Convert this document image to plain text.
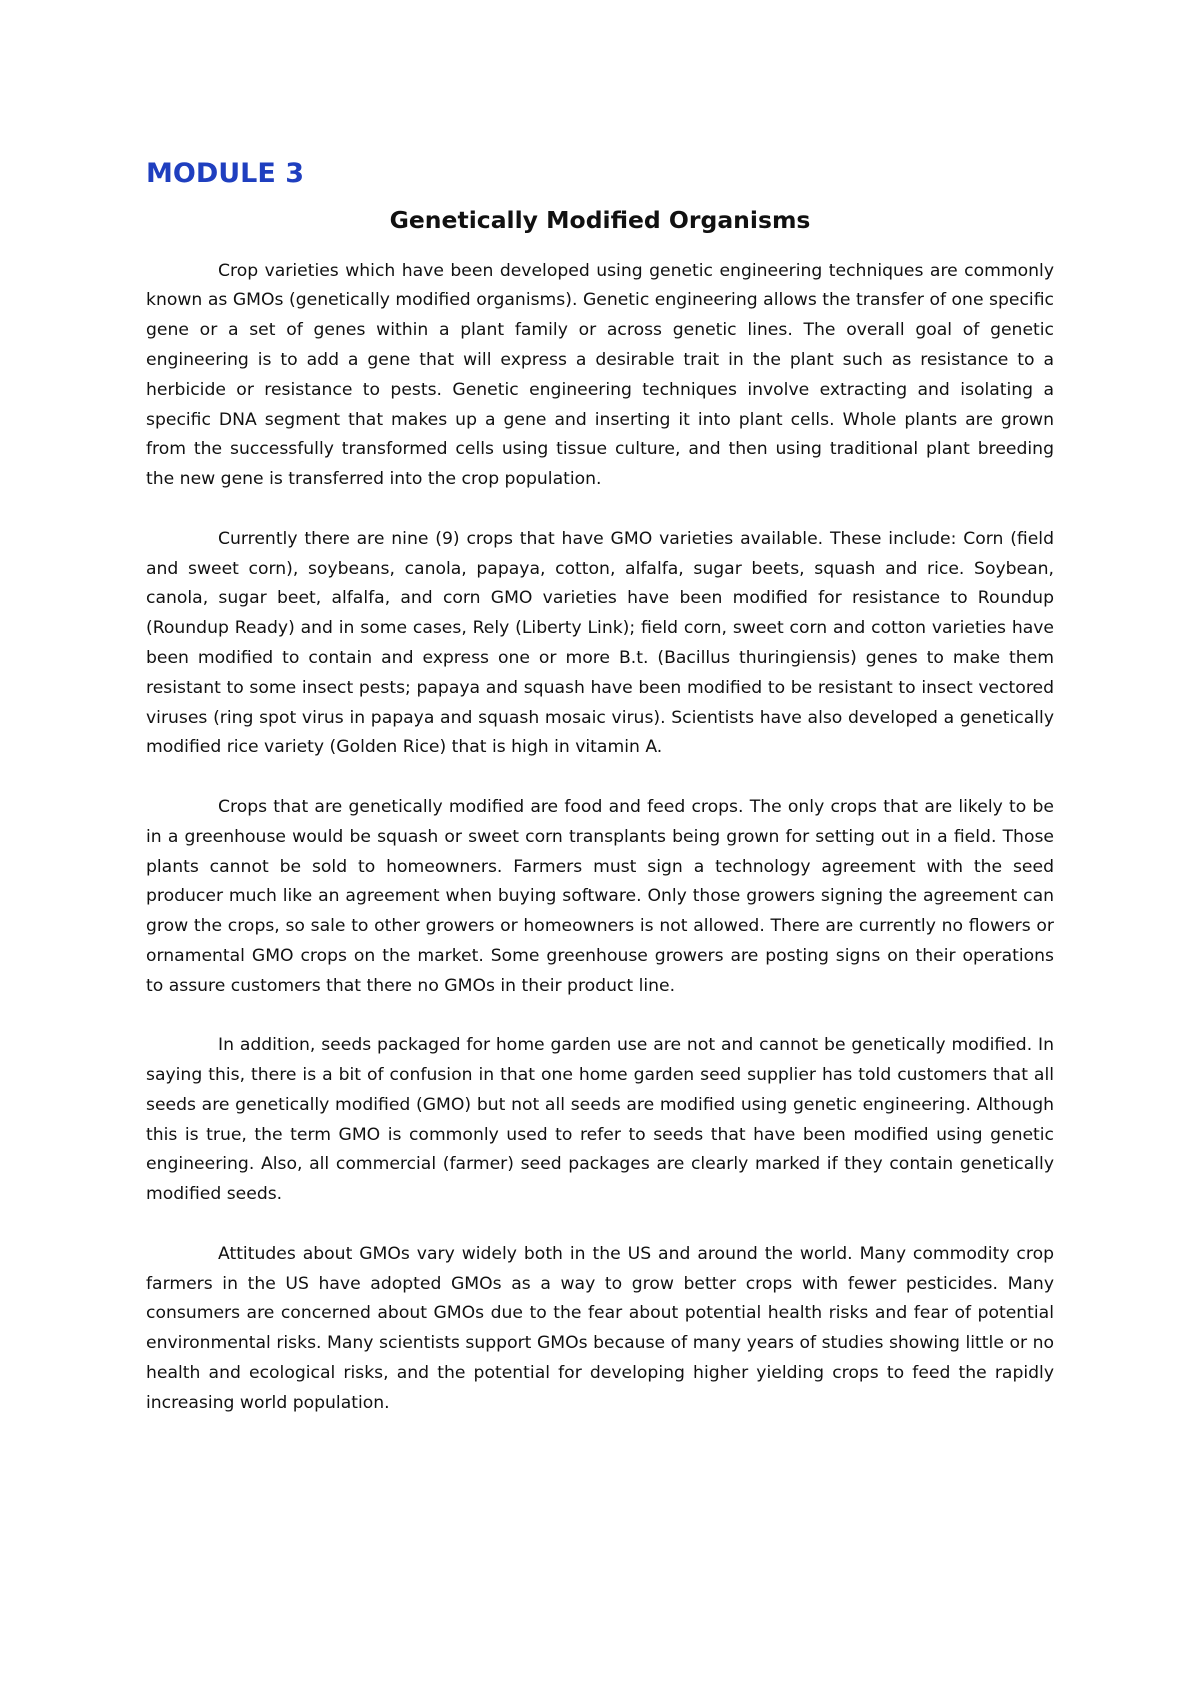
MODULE 3
Genetically Modified Organisms

Crop varieties which have been developed using genetic engineering techniques are commonly known as GMOs (genetically modified organisms). Genetic engineering allows the transfer of one specific gene or a set of genes within a plant family or across genetic lines. The overall goal of genetic engineering is to add a gene that will express a desirable trait in the plant such as resistance to a herbicide or resistance to pests. Genetic engineering techniques involve extracting and isolating a specific DNA segment that makes up a gene and inserting it into plant cells. Whole plants are grown from the successfully transformed cells using tissue culture, and then using traditional plant breeding the new gene is transferred into the crop population.

Currently there are nine (9) crops that have GMO varieties available. These include: Corn (field and sweet corn), soybeans, canola, papaya, cotton, alfalfa, sugar beets, squash and rice. Soybean, canola, sugar beet, alfalfa, and corn GMO varieties have been modified for resistance to Roundup (Roundup Ready) and in some cases, Rely (Liberty Link); field corn, sweet corn and cotton varieties have been modified to contain and express one or more B.t. (Bacillus thuringiensis) genes to make them resistant to some insect pests; papaya and squash have been modified to be resistant to insect vectored viruses (ring spot virus in papaya and squash mosaic virus). Scientists have also developed a genetically modified rice variety (Golden Rice) that is high in vitamin A.

Crops that are genetically modified are food and feed crops. The only crops that are likely to be in a greenhouse would be squash or sweet corn transplants being grown for setting out in a field. Those plants cannot be sold to homeowners. Farmers must sign a technology agreement with the seed producer much like an agreement when buying software. Only those growers signing the agreement can grow the crops, so sale to other growers or homeowners is not allowed. There are currently no flowers or ornamental GMO crops on the market. Some greenhouse growers are posting signs on their operations to assure customers that there no GMOs in their product line.

In addition, seeds packaged for home garden use are not and cannot be genetically modified. In saying this, there is a bit of confusion in that one home garden seed supplier has told customers that all seeds are genetically modified (GMO) but not all seeds are modified using genetic engineering. Although this is true, the term GMO is commonly used to refer to seeds that have been modified using genetic engineering. Also, all commercial (farmer) seed packages are clearly marked if they contain genetically modified seeds.

Attitudes about GMOs vary widely both in the US and around the world. Many commodity crop farmers in the US have adopted GMOs as a way to grow better crops with fewer pesticides. Many consumers are concerned about GMOs due to the fear about potential health risks and fear of potential environmental risks. Many scientists support GMOs because of many years of studies showing little or no health and ecological risks, and the potential for developing higher yielding crops to feed the rapidly increasing world population.
